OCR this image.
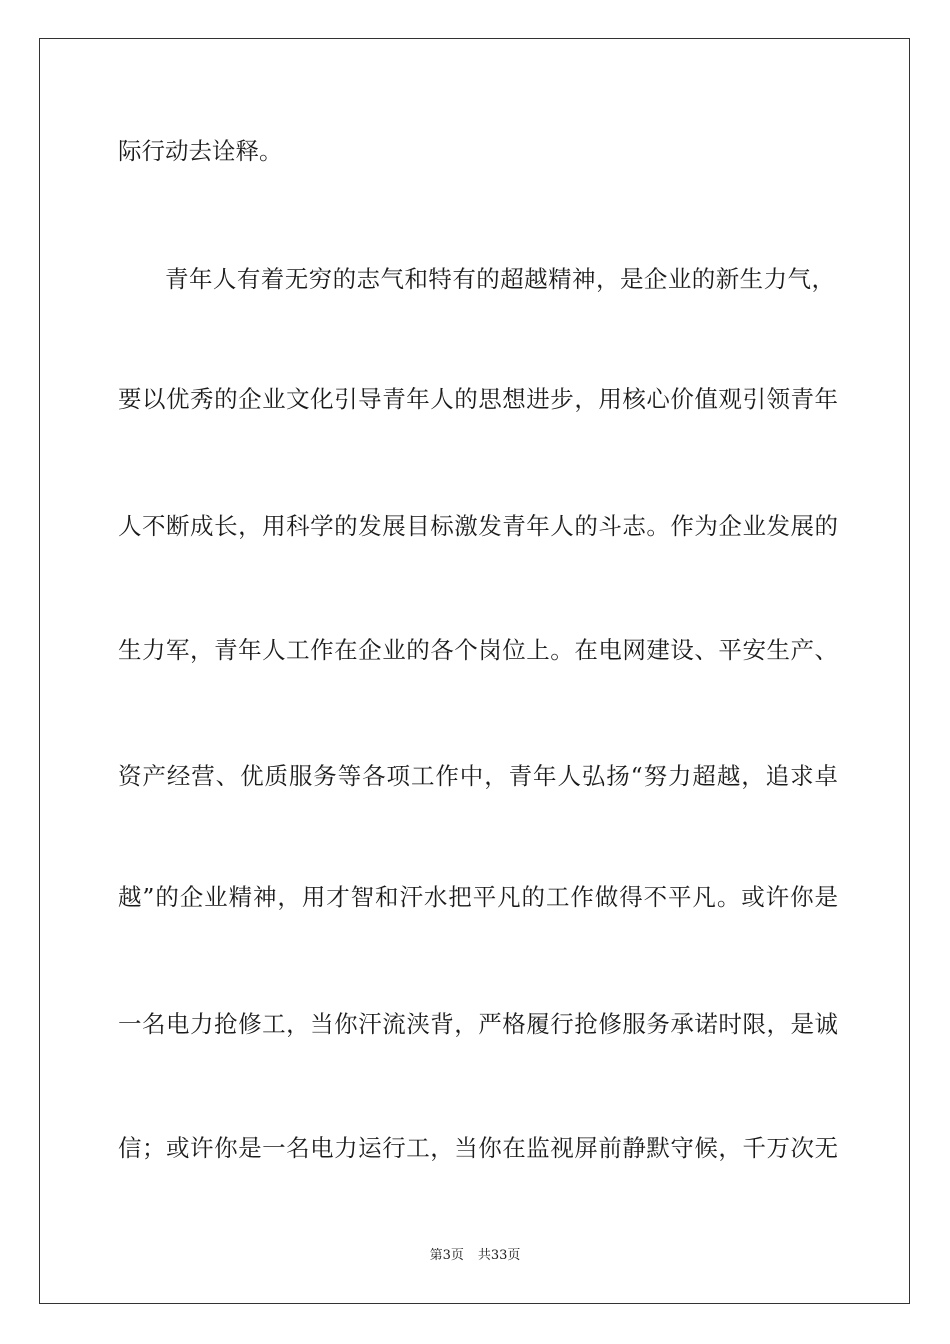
际行动去诠释。
青年人有着无穷的志气和特有的超越精神，是企业的新生力气，
要以优秀的企业文化引导青年人的思想进步，用核心价值观引领青年
人不断成长，用科学的发展目标激发青年人的斗志。作为企业发展的
生力军，青年人工作在企业的各个岗位上。在电网建设、平安生产、
资产经营、优质服务等各项工作中，青年人弘扬“努力超越，追求卓
越”的企业精神，用才智和汗水把平凡的工作做得不平凡。或许你是
一名电力抢修工，当你汗流浃背，严格履行抢修服务承诺时限，是诚
信；或许你是一名电力运行工，当你在监视屏前静默守候，千万次无
第3页 共33页
